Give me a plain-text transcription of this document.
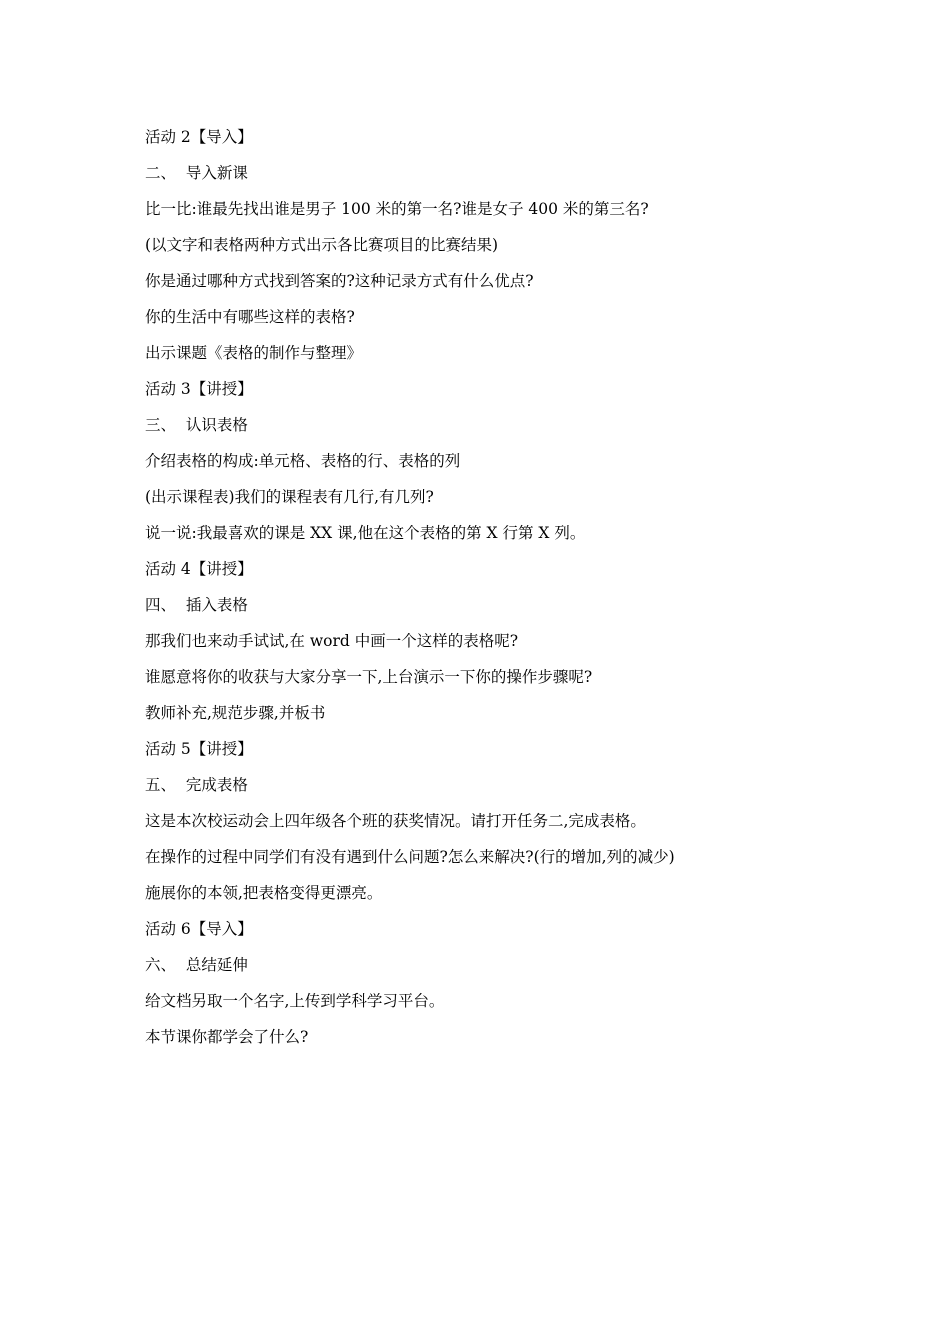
活动 2【导入】
二、  导入新课
比一比:谁最先找出谁是男子 100 米的第一名?谁是女子 400 米的第三名?
(以文字和表格两种方式出示各比赛项目的比赛结果)
你是通过哪种方式找到答案的?这种记录方式有什么优点?
你的生活中有哪些这样的表格?
出示课题《表格的制作与整理》
活动 3【讲授】
三、  认识表格
介绍表格的构成:单元格、表格的行、表格的列
(出示课程表)我们的课程表有几行,有几列?
说一说:我最喜欢的课是 XX 课,他在这个表格的第 X 行第 X 列。
活动 4【讲授】
四、  插入表格
那我们也来动手试试,在 word 中画一个这样的表格呢?
谁愿意将你的收获与大家分享一下,上台演示一下你的操作步骤呢?
教师补充,规范步骤,并板书
活动 5【讲授】
五、  完成表格
这是本次校运动会上四年级各个班的获奖情况。请打开任务二,完成表格。
在操作的过程中同学们有没有遇到什么问题?怎么来解决?(行的增加,列的减少)
施展你的本领,把表格变得更漂亮。
活动 6【导入】
六、  总结延伸
给文档另取一个名字,上传到学科学习平台。
本节课你都学会了什么?
